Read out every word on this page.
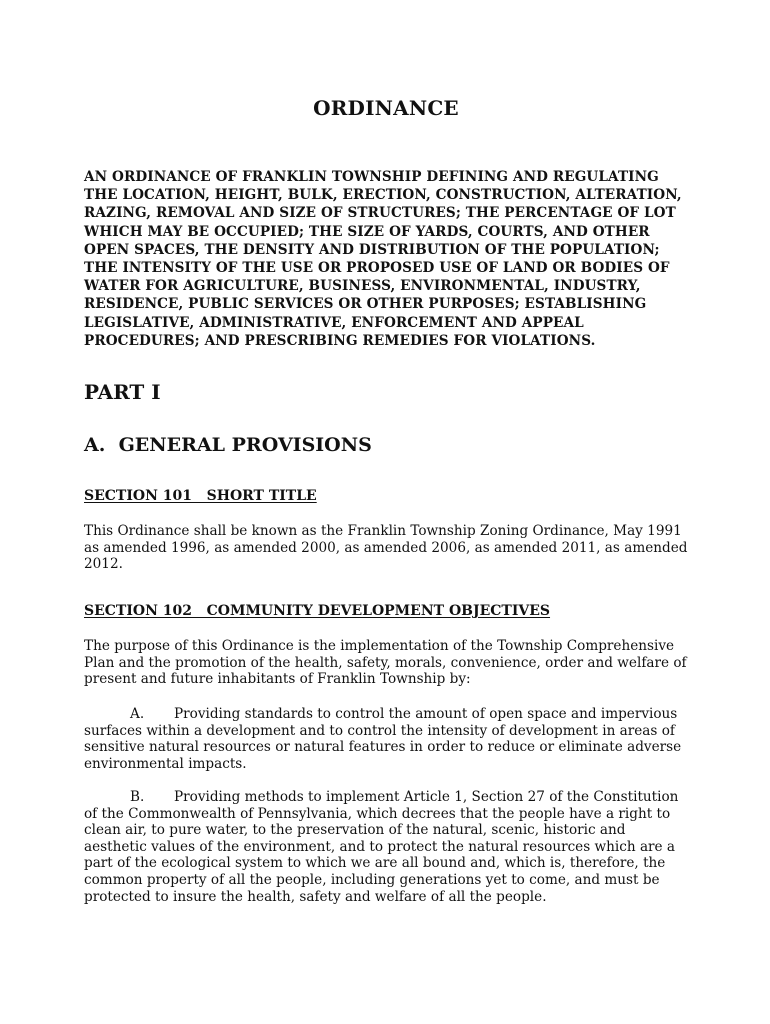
ORDINANCE

AN ORDINANCE OF FRANKLIN TOWNSHIP DEFINING AND REGULATING THE LOCATION, HEIGHT, BULK, ERECTION, CONSTRUCTION, ALTERATION, RAZING, REMOVAL AND SIZE OF STRUCTURES; THE PERCENTAGE OF LOT WHICH MAY BE OCCUPIED; THE SIZE OF YARDS, COURTS, AND OTHER OPEN SPACES, THE DENSITY AND DISTRIBUTION OF THE POPULATION; THE INTENSITY OF THE USE OR PROPOSED USE OF LAND OR BODIES OF WATER FOR AGRICULTURE, BUSINESS, ENVIRONMENTAL, INDUSTRY, RESIDENCE, PUBLIC SERVICES OR OTHER PURPOSES; ESTABLISHING LEGISLATIVE, ADMINISTRATIVE, ENFORCEMENT AND APPEAL PROCEDURES; AND PRESCRIBING REMEDIES FOR VIOLATIONS.

PART I
A.  GENERAL PROVISIONS
SECTION 101   SHORT TITLE

This Ordinance shall be known as the Franklin Township Zoning Ordinance, May 1991 as amended 1996, as amended 2000, as amended 2006, as amended 2011, as amended 2012.

SECTION 102   COMMUNITY DEVELOPMENT OBJECTIVES

The purpose of this Ordinance is the implementation of the Township Comprehensive Plan and the promotion of the health, safety, morals, convenience, order and welfare of present and future inhabitants of Franklin Township by:

A. Providing standards to control the amount of open space and impervious surfaces within a development and to control the intensity of development in areas of sensitive natural resources or natural features in order to reduce or eliminate adverse environmental impacts.

B. Providing methods to implement Article 1, Section 27 of the Constitution of the Commonwealth of Pennsylvania, which decrees that the people have a right to clean air, to pure water, to the preservation of the natural, scenic, historic and aesthetic values of the environment, and to protect the natural resources which are a part of the ecological system to which we are all bound and, which is, therefore, the common property of all the people, including generations yet to come, and must be protected to insure the health, safety and welfare of all the people.
